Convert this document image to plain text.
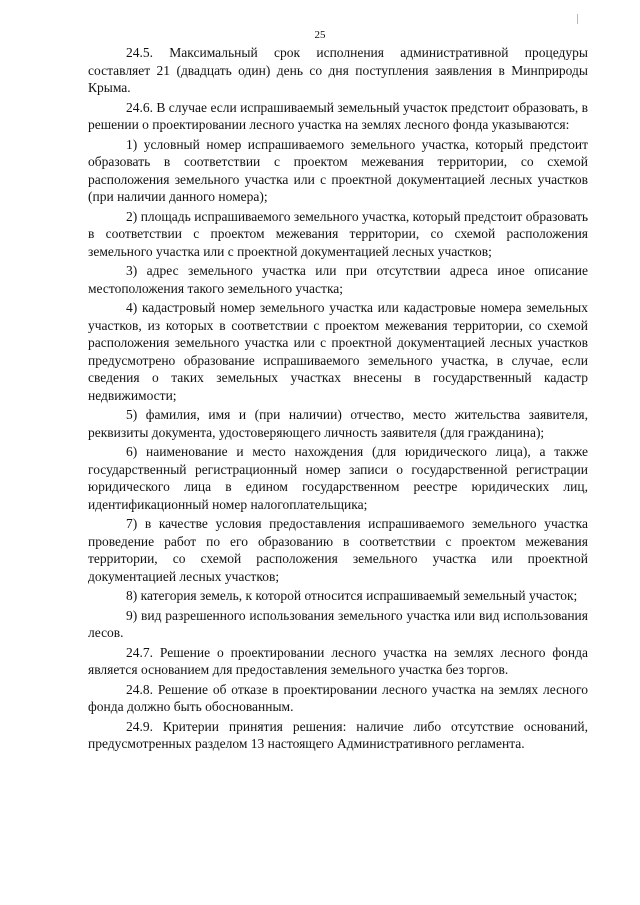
25

24.5. Максимальный срок исполнения административной процедуры составляет 21 (двадцать один) день со дня поступления заявления в Минприроды Крыма.

24.6. В случае если испрашиваемый земельный участок предстоит образовать, в решении о проектировании лесного участка на землях лесного фонда указываются:

1) условный номер испрашиваемого земельного участка, который предстоит образовать в соответствии с проектом межевания территории, со схемой расположения земельного участка или с проектной документацией лесных участков (при наличии данного номера);

2) площадь испрашиваемого земельного участка, который предстоит образовать в соответствии с проектом межевания территории, со схемой расположения земельного участка или с проектной документацией лесных участков;

3) адрес земельного участка или при отсутствии адреса иное описание местоположения такого земельного участка;

4) кадастровый номер земельного участка или кадастровые номера земельных участков, из которых в соответствии с проектом межевания территории, со схемой расположения земельного участка или с проектной документацией лесных участков предусмотрено образование испрашиваемого земельного участка, в случае, если сведения о таких земельных участках внесены в государственный кадастр недвижимости;

5) фамилия, имя и (при наличии) отчество, место жительства заявителя, реквизиты документа, удостоверяющего личность заявителя (для гражданина);

6) наименование и место нахождения (для юридического лица), а также государственный регистрационный номер записи о государственной регистрации юридического лица в едином государственном реестре юридических лиц, идентификационный номер налогоплательщика;

7) в качестве условия предоставления испрашиваемого земельного участка проведение работ по его образованию в соответствии с проектом межевания территории, со схемой расположения земельного участка или проектной документацией лесных участков;

8) категория земель, к которой относится испрашиваемый земельный участок;

9) вид разрешенного использования земельного участка или вид использования лесов.

24.7. Решение о проектировании лесного участка на землях лесного фонда является основанием для предоставления земельного участка без торгов.

24.8. Решение об отказе в проектировании лесного участка на землях лесного фонда должно быть обоснованным.

24.9. Критерии принятия решения: наличие либо отсутствие оснований, предусмотренных разделом 13 настоящего Административного регламента.
